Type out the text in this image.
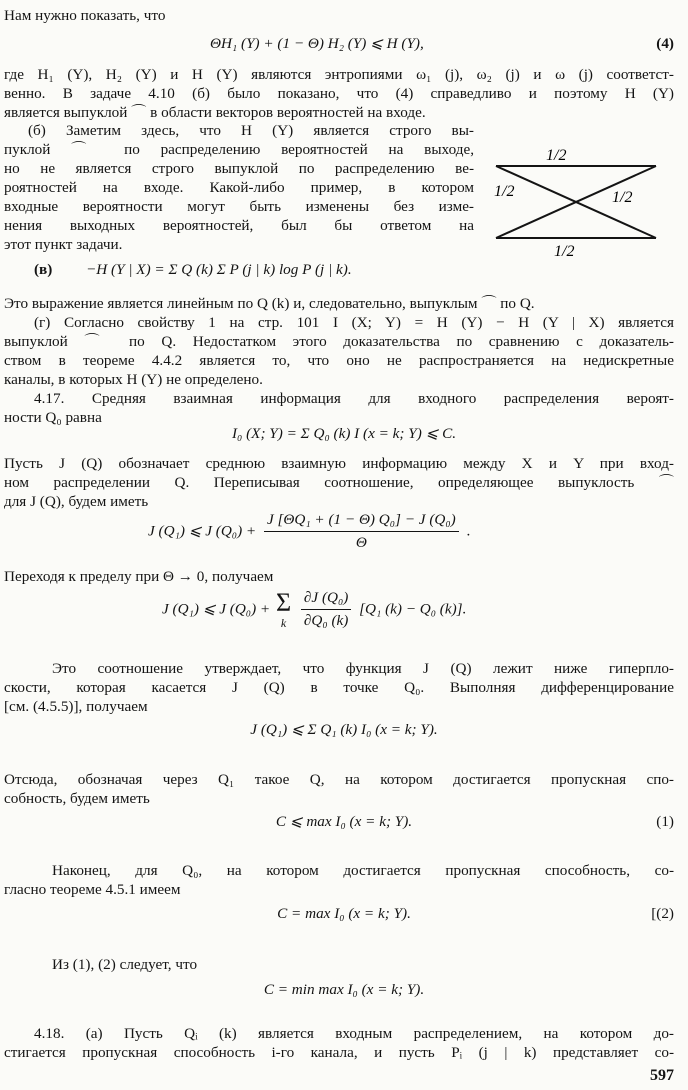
Нам нужно показать, что
ΘH₁ (Y) + (1 − Θ) H₂ (Y) ⩽ H (Y),	(4)
где H₁ (Y), H₂ (Y) и H (Y) являются энтропиями ω₁ (j), ω₂ (j) и ω (j) соответст-
венно. В задаче 4.10 (б) было показано, что (4) справедливо и поэтому H (Y)
является выпуклой ⌒ в области векторов вероятностей на входе.
(б) Заметим здесь, что H (Y) является строго вы-
пуклой ⌒ по распределению вероятностей на выходе,
но не является строго выпуклой по распределению ве-
роятностей на входе. Какой-либо пример, в котором
входные вероятности могут быть изменены без изме-
нения выходных вероятностей, был бы ответом на
этот пункт задачи.
1/2
1/2	1/2
1/2
(в) −H (Y | X) = Σ Q (k) Σ P (j | k) log P (j | k).
Это выражение является линейным по Q (k) и, следовательно, выпуклым ⌒ по Q.
(г) Согласно свойству 1 на стр. 101 I (X; Y) = H (Y) − H (Y | X) является
выпуклой ⌒ по Q. Недостатком этого доказательства по сравнению с доказатель-
ством в теореме 4.4.2 является то, что оно не распространяется на недискретные
каналы, в которых H (Y) не определено.
4.17. Средняя взаимная информация для входного распределения вероят-
ности Q₀ равна
I₀ (X; Y) = Σ Q₀ (k) I (x = k; Y) ⩽ C.
Пусть J (Q) обозначает среднюю взаимную информацию между X и Y при вход-
ном распределении Q. Переписывая соотношение, определяющее выпуклость ⌒
для J (Q), будем иметь
J (Q₁) ⩽ J $(Q_0) + \frac{\text{J [ΘQ₁ + (1 − Θ) Q₀] − J (Q₀)}}{\Theta}$ .
Переходя к пределу при Θ → 0, получаем
J (Q₁) ⩽ J (Q₀) + Σ
k
$\frac{\text{∂J (Q₀)}}{\text{∂Q₀ (k)}} [Q_1$ (k) − Q₀ (k)].
Это соотношение утверждает, что функция J (Q) лежит ниже гиперпло-
скости, которая касается J (Q) в точке Q₀. Выполняя дифференцирование
[см. (4.5.5)], получаем
J (Q₁) ⩽ Σ Q₁ (k) I₀ (x = k; Y).
Отсюда, обозначая через Q₁ такое Q, на котором достигается пропускная спо-
собность, будем иметь
C ⩽ max I₀ (x = k; Y).	(1)
Наконец, для Q₀, на котором достигается пропускная способность, со-
гласно теореме 4.5.1 имеем
C = max I₀ (x = k; Y).	[(2)
Из (1), (2) следует, что
C = min max I₀ (x = k; Y).
4.18. (а) Пусть Qᵢ (k) является входным распределением, на котором до-
стигается пропускная способность i-го канала, и пусть Pᵢ (j | k) представляет со-
597
